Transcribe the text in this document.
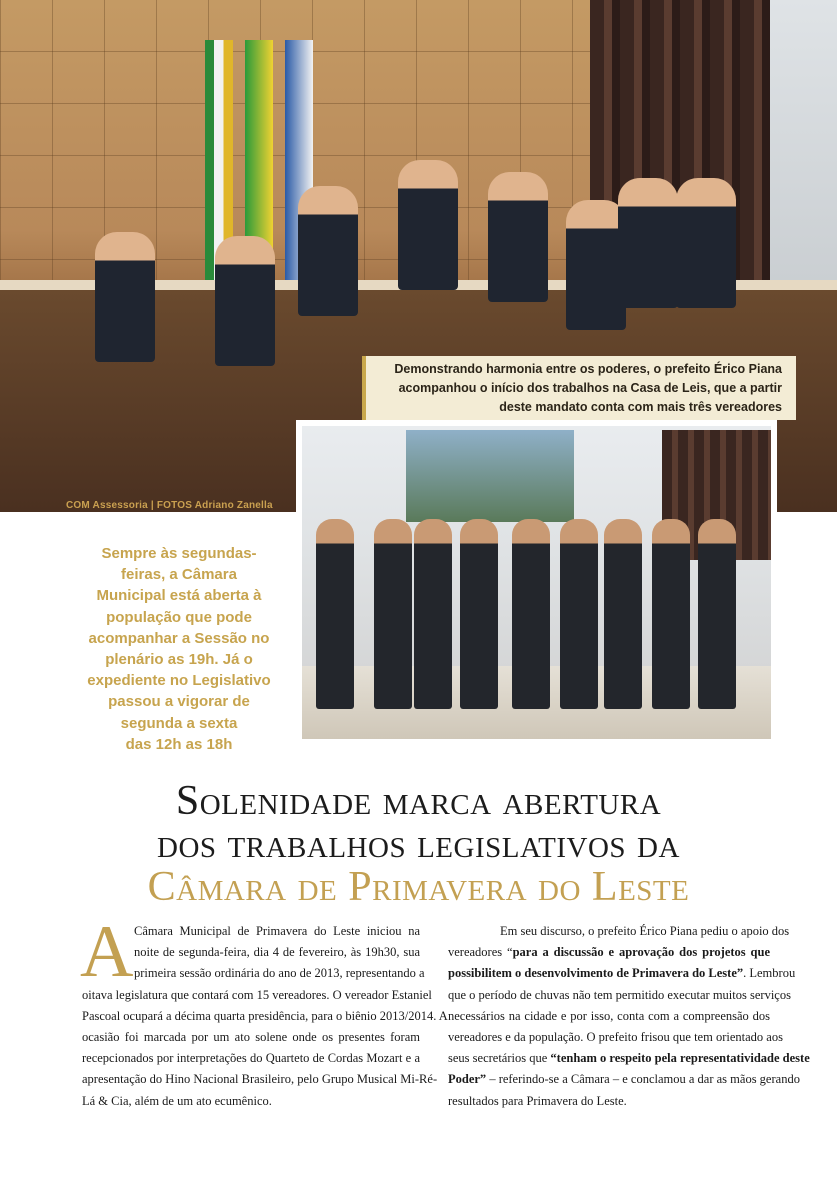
COM Assessoria | FOTOS Adriano Zanella
Demonstrando harmonia entre os poderes, o prefeito Érico Piana
acompanhou o início dos trabalhos na Casa de Leis, que a partir
deste mandato conta com mais três vereadores
Sempre às segundas-
feiras, a Câmara
Municipal está aberta à
população que pode
acompanhar a Sessão no
plenário as 19h. Já o
expediente no Legislativo
passou a vigorar de
segunda a sexta
das 12h as 18h
Solenidade marca abertura
dos trabalhos legislativos da
Câmara de Primavera do Leste
A Câmara Municipal de Primavera do Leste iniciou na
noite de segunda-feira, dia 4 de fevereiro, às 19h30, sua
primeira sessão ordinária do ano de 2013, representando a
oitava legislatura que contará com 15 vereadores. O vereador Estaniel
Pascoal ocupará a décima quarta presidência, para o biênio 2013/2014. A
ocasião foi marcada por um ato solene onde os presentes foram
recepcionados por interpretações do Quarteto de Cordas Mozart e a
apresentação do Hino Nacional Brasileiro, pelo Grupo Musical Mi-Ré-
Lá & Cia, além de um ato ecumênico.
Em seu discurso, o prefeito Érico Piana pediu o apoio dos
vereadores “para a discussão e aprovação dos projetos que
possibilitem o desenvolvimento de Primavera do Leste”. Lembrou
que o período de chuvas não tem permitido executar muitos serviços
necessários na cidade e por isso, conta com a compreensão dos
vereadores e da população. O prefeito frisou que tem orientado aos
seus secretários que “tenham o respeito pela representatividade deste
Poder” – referindo-se a Câmara – e conclamou a dar as mãos gerando
resultados para Primavera do Leste.
